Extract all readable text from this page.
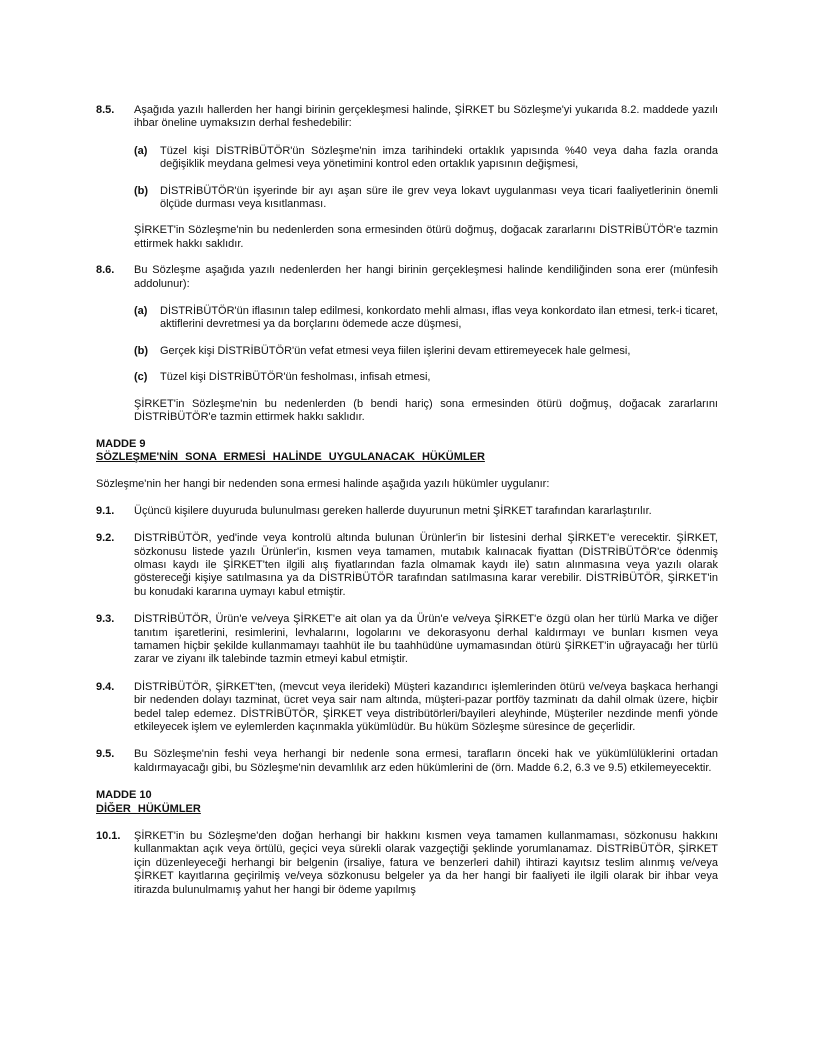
8.5.	Aşağıda yazılı hallerden her hangi birinin gerçekleşmesi halinde, ŞİRKET bu Sözleşme'yi yukarıda 8.2. maddede yazılı ihbar öneline uymaksızın derhal feshedebilir:
(a)	Tüzel kişi DİSTRİBÜTÖR'ün Sözleşme'nin imza tarihindeki ortaklık yapısında %40 veya daha fazla oranda değişiklik meydana gelmesi veya yönetimini kontrol eden ortaklık yapısının değişmesi,
(b)	DİSTRİBÜTÖR'ün işyerinde bir ayı aşan süre ile grev veya lokavt uygulanması veya ticari faaliyetlerinin önemli ölçüde durması veya kısıtlanması.
ŞİRKET'in Sözleşme'nin bu nedenlerden sona ermesinden ötürü doğmuş, doğacak zararlarını DİSTRİBÜTÖR'e tazmin ettirmek hakkı saklıdır.
8.6.	Bu Sözleşme aşağıda yazılı nedenlerden her hangi birinin gerçekleşmesi halinde kendiliğinden sona erer (münfesih addolunur):
(a)	DİSTRİBÜTÖR'ün iflasının talep edilmesi, konkordato mehli alması, iflas veya konkordato ilan etmesi, terk-i ticaret, aktiflerini devretmesi ya da borçlarını ödemede acze düşmesi,
(b)	Gerçek kişi DİSTRİBÜTÖR'ün vefat etmesi veya fiilen işlerini devam ettiremeyecek hale gelmesi,
(c)	Tüzel kişi DİSTRİBÜTÖR'ün fesholması, infisah etmesi,
ŞİRKET'in Sözleşme'nin bu nedenlerden (b bendi hariç) sona ermesinden ötürü doğmuş, doğacak zararlarını DİSTRİBÜTÖR'e tazmin ettirmek hakkı saklıdır.
MADDE 9
SÖZLEŞME'NİN SONA ERMESİ HALİNDE UYGULANACAK HÜKÜMLER
Sözleşme'nin her hangi bir nedenden sona ermesi halinde aşağıda yazılı hükümler uygulanır:
9.1.	Üçüncü kişilere duyuruda bulunulması gereken hallerde duyurunun metni ŞİRKET tarafından kararlaştırılır.
9.2.	DİSTRİBÜTÖR, yed'inde veya kontrolü altında bulunan Ürünler'in bir listesini derhal ŞİRKET'e verecektir. ŞİRKET, sözkonusu listede yazılı Ürünler'in, kısmen veya tamamen, mutabık kalınacak fiyattan (DİSTRİBÜTÖR'ce ödenmiş olması kaydı ile ŞİRKET'ten ilgili alış fiyatlarından fazla olmamak kaydı ile) satın alınmasına veya yazılı olarak göstereceği kişiye satılmasına ya da DİSTRİBÜTÖR tarafından satılmasına karar verebilir. DİSTRİBÜTÖR, ŞİRKET'in bu konudaki kararına uymayı kabul etmiştir.
9.3.	DİSTRİBÜTÖR, Ürün'e ve/veya ŞİRKET'e ait olan ya da Ürün'e ve/veya ŞİRKET'e özgü olan her türlü Marka ve diğer tanıtım işaretlerini, resimlerini, levhalarını, logolarını ve dekorasyonu derhal kaldırmayı ve bunları kısmen veya tamamen hiçbir şekilde kullanmamayı taahhüt ile bu taahhüdüne uymamasından ötürü ŞİRKET'in uğrayacağı her türlü zarar ve ziyanı ilk talebinde tazmin etmeyi kabul etmiştir.
9.4.	DİSTRİBÜTÖR, ŞİRKET'ten, (mevcut veya ilerideki) Müşteri kazandırıcı işlemlerinden ötürü ve/veya başkaca herhangi bir nedenden dolayı tazminat, ücret veya sair nam altında, müşteri-pazar portföy tazminatı da dahil olmak üzere, hiçbir bedel talep edemez. DİSTRİBÜTÖR, ŞİRKET veya distribütörleri/bayileri aleyhinde, Müşteriler nezdinde menfi yönde etkileyecek işlem ve eylemlerden kaçınmakla yükümlüdür. Bu hüküm Sözleşme süresince de geçerlidir.
9.5.	Bu Sözleşme'nin feshi veya herhangi bir nedenle sona ermesi, tarafların önceki hak ve yükümlülüklerini ortadan kaldırmayacağı gibi, bu Sözleşme'nin devamlılık arz eden hükümlerini de (örn. Madde 6.2, 6.3 ve 9.5) etkilemeyecektir.
MADDE 10
DİĞER HÜKÜMLER
10.1.	ŞİRKET'in bu Sözleşme'den doğan herhangi bir hakkını kısmen veya tamamen kullanmaması, sözkonusu hakkını kullanmaktan açık veya örtülü, geçici veya sürekli olarak vazgeçtiği şeklinde yorumlanamaz. DİSTRİBÜTÖR, ŞİRKET için düzenleyeceği herhangi bir belgenin (irsaliye, fatura ve benzerleri dahil) ihtirazi kayıtsız teslim alınmış ve/veya ŞİRKET kayıtlarına geçirilmiş ve/veya sözkonusu belgeler ya da her hangi bir faaliyeti ile ilgili olarak bir ihbar veya itirazda bulunulmamış yahut her hangi bir ödeme yapılmış
